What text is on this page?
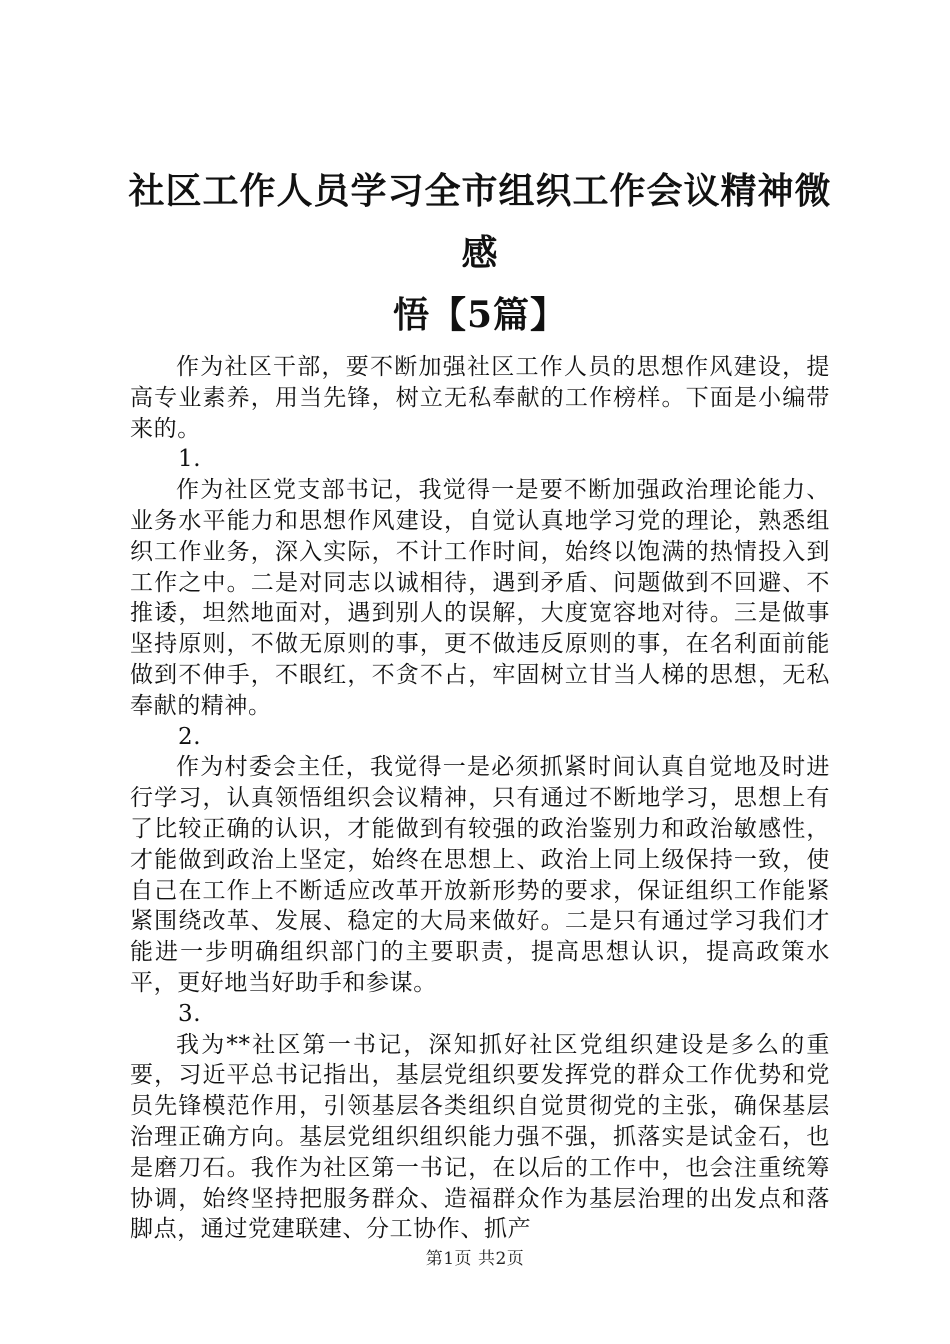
社区工作人员学习全市组织工作会议精神微感
悟【5篇】

作为社区干部，要不断加强社区工作人员的思想作风建设，提高专业素养，用当先锋，树立无私奉献的工作榜样。下面是小编带来的。

1.

作为社区党支部书记，我觉得一是要不断加强政治理论能力、业务水平能力和思想作风建设，自觉认真地学习党的理论，熟悉组织工作业务，深入实际，不计工作时间，始终以饱满的热情投入到工作之中。二是对同志以诚相待，遇到矛盾、问题做到不回避、不推诿，坦然地面对，遇到别人的误解，大度宽容地对待。三是做事坚持原则，不做无原则的事，更不做违反原则的事，在名利面前能做到不伸手，不眼红，不贪不占，牢固树立甘当人梯的思想，无私奉献的精神。

2.

作为村委会主任，我觉得一是必须抓紧时间认真自觉地及时进行学习，认真领悟组织会议精神，只有通过不断地学习，思想上有了比较正确的认识，才能做到有较强的政治鉴别力和政治敏感性，才能做到政治上坚定，始终在思想上、政治上同上级保持一致，使自己在工作上不断适应改革开放新形势的要求，保证组织工作能紧紧围绕改革、发展、稳定的大局来做好。二是只有通过学习我们才能进一步明确组织部门的主要职责，提高思想认识，提高政策水平，更好地当好助手和参谋。

3.

我为**社区第一书记，深知抓好社区党组织建设是多么的重要，习近平总书记指出，基层党组织要发挥党的群众工作优势和党员先锋模范作用，引领基层各类组织自觉贯彻党的主张，确保基层治理正确方向。基层党组织组织能力强不强，抓落实是试金石，也是磨刀石。我作为社区第一书记，在以后的工作中，也会注重统筹协调，始终坚持把服务群众、造福群众作为基层治理的出发点和落脚点，通过党建联建、分工协作、抓产

第1页 共2页
